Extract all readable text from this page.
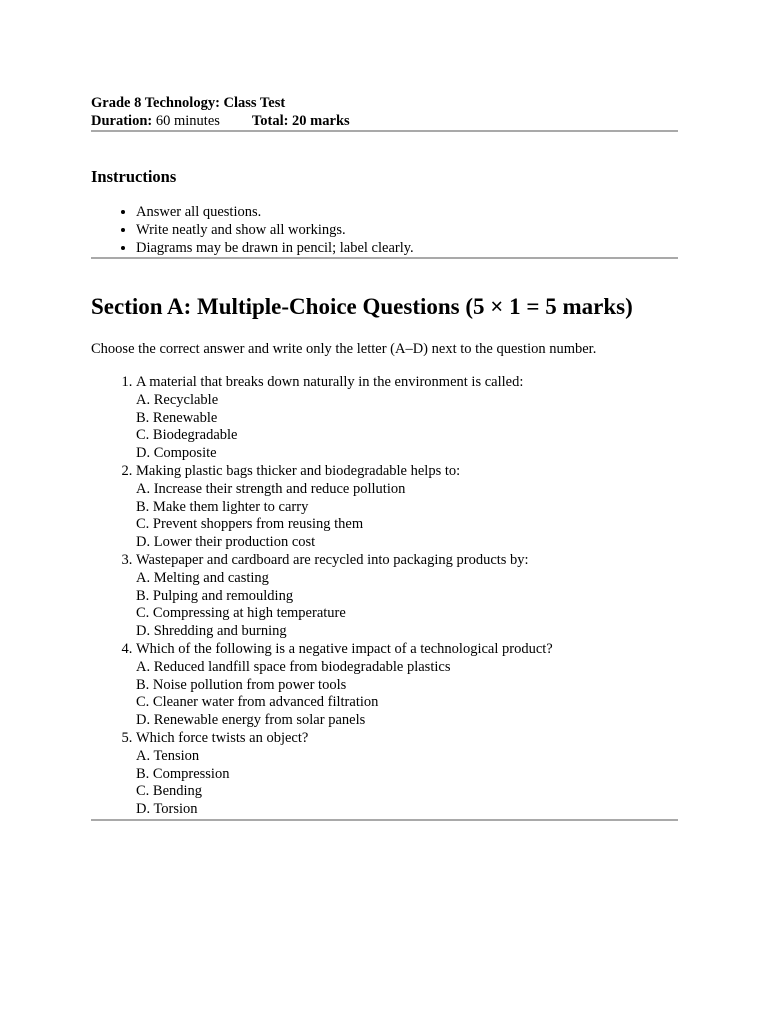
Grade 8 Technology: Class Test

Duration: 60 minutes Total: 20 marks

Instructions
• Answer all questions.
• Write neatly and show all workings.
• Diagrams may be drawn in pencil; label clearly.
Section A: Multiple-Choice Questions (5 × 1 = 5 marks)

Choose the correct answer and write only the letter (A–D) next to the question number.

1. A material that breaks down naturally in the environment is called:
A. Recyclable
B. Renewable
C. Biodegradable
D. Composite
2. Making plastic bags thicker and biodegradable helps to:
A. Increase their strength and reduce pollution
B. Make them lighter to carry
C. Prevent shoppers from reusing them
D. Lower their production cost
3. Wastepaper and cardboard are recycled into packaging products by:
A. Melting and casting
B. Pulping and remoulding
C. Compressing at high temperature
D. Shredding and burning
4. Which of the following is a negative impact of a technological product?
A. Reduced landfill space from biodegradable plastics
B. Noise pollution from power tools
C. Cleaner water from advanced filtration
D. Renewable energy from solar panels
5. Which force twists an object?
A. Tension
B. Compression
C. Bending
D. Torsion
